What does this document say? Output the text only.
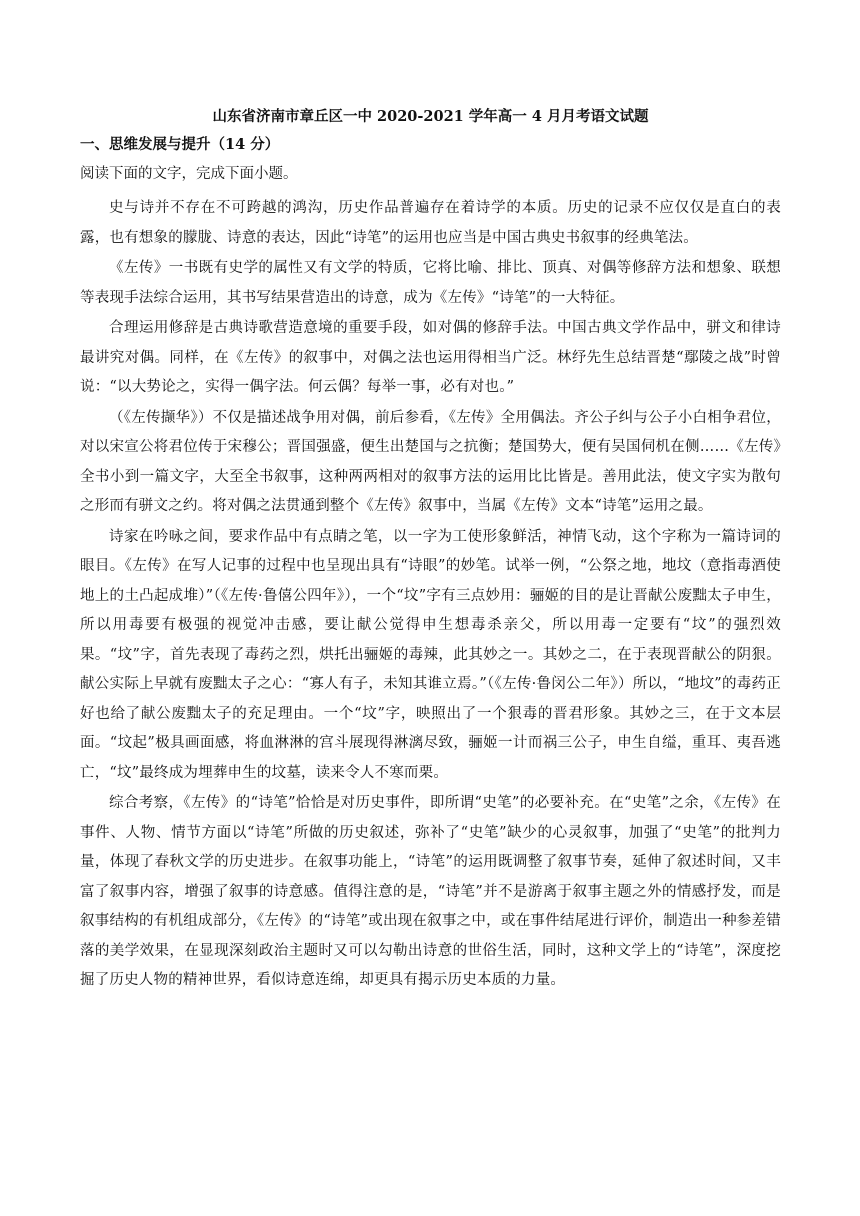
山东省济南市章丘区一中 2020-2021 学年高一 4 月月考语文试题
一、思维发展与提升（14 分）
阅读下面的文字，完成下面小题。

史与诗并不存在不可跨越的鸿沟，历史作品普遍存在着诗学的本质。历史的记录不应仅仅是直白的表露，也有想象的朦胧、诗意的表达，因此“诗笔”的运用也应当是中国古典史书叙事的经典笔法。

《左传》一书既有史学的属性又有文学的特质，它将比喻、排比、顶真、对偶等修辞方法和想象、联想等表现手法综合运用，其书写结果营造出的诗意，成为《左传》“诗笔”的一大特征。

合理运用修辞是古典诗歌营造意境的重要手段，如对偶的修辞手法。中国古典文学作品中，骈文和律诗最讲究对偶。同样，在《左传》的叙事中，对偶之法也运用得相当广泛。林纾先生总结晋楚“鄢陵之战”时曾说：“以大势论之，实得一偶字法。何云偶？每举一事，必有对也。”

（《左传撷华》）不仅是描述战争用对偶，前后参看，《左传》全用偶法。齐公子纠与公子小白相争君位，对以宋宣公将君位传于宋穆公；晋国强盛，便生出楚国与之抗衡；楚国势大，便有吴国伺机在侧……《左传》全书小到一篇文字，大至全书叙事，这种两两相对的叙事方法的运用比比皆是。善用此法，使文字实为散句之形而有骈文之约。将对偶之法贯通到整个《左传》叙事中，当属《左传》文本“诗笔”运用之最。

诗家在吟咏之间，要求作品中有点睛之笔，以一字为工使形象鲜活，神情飞动，这个字称为一篇诗词的眼目。《左传》在写人记事的过程中也呈现出具有“诗眼”的妙笔。试举一例，“公祭之地，地坟（意指毒酒使地上的土凸起成堆）”（《左传·鲁僖公四年》），一个“坟”字有三点妙用：骊姬的目的是让晋献公废黜太子申生，所以用毒要有极强的视觉冲击感，要让献公觉得申生想毒杀亲父，所以用毒一定要有“坟”的强烈效果。“坟”字，首先表现了毒药之烈，烘托出骊姬的毒辣，此其妙之一。其妙之二，在于表现晋献公的阴狠。献公实际上早就有废黜太子之心：“寡人有子，未知其谁立焉。”（《左传·鲁闵公二年》）所以，“地坟”的毒药正好也给了献公废黜太子的充足理由。一个“坟”字，映照出了一个狠毒的晋君形象。其妙之三，在于文本层面。“坟起”极具画面感，将血淋淋的宫斗展现得淋漓尽致，骊姬一计而祸三公子，申生自缢，重耳、夷吾逃亡，“坟”最终成为埋葬申生的坟墓，读来令人不寒而栗。

综合考察，《左传》的“诗笔”恰恰是对历史事件，即所谓“史笔”的必要补充。在“史笔”之余，《左传》在事件、人物、情节方面以“诗笔”所做的历史叙述，弥补了“史笔”缺少的心灵叙事，加强了“史笔”的批判力量，体现了春秋文学的历史进步。在叙事功能上，“诗笔”的运用既调整了叙事节奏，延伸了叙述时间，又丰富了叙事内容，增强了叙事的诗意感。值得注意的是，“诗笔”并不是游离于叙事主题之外的情感抒发，而是叙事结构的有机组成部分，《左传》的“诗笔”或出现在叙事之中，或在事件结尾进行评价，制造出一种参差错落的美学效果，在显现深刻政治主题时又可以勾勒出诗意的世俗生活，同时，这种文学上的“诗笔”，深度挖掘了历史人物的精神世界，看似诗意连绵，却更具有揭示历史本质的力量。
